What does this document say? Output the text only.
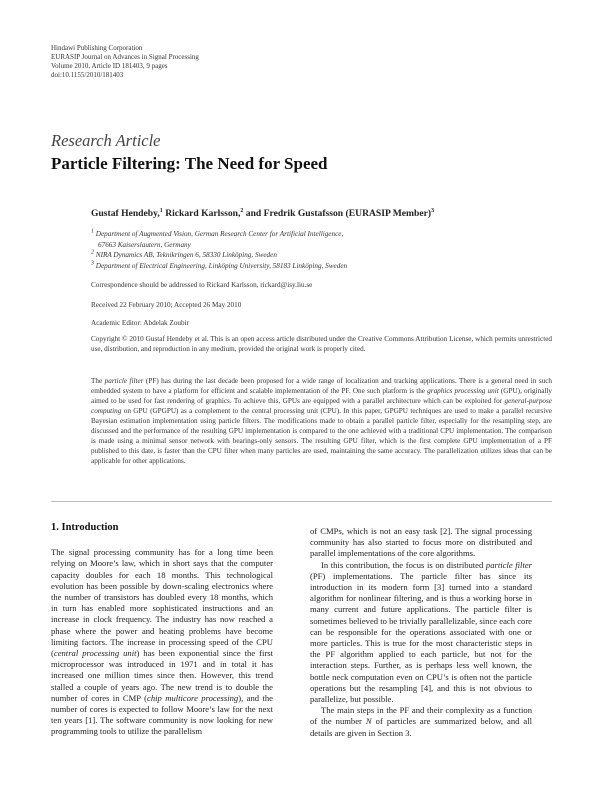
Hindawi Publishing Corporation
EURASIP Journal on Advances in Signal Processing
Volume 2010, Article ID 181403, 9 pages
doi:10.1155/2010/181403
Research Article
Particle Filtering: The Need for Speed
Gustaf Hendeby,$^1$ Rickard Karlsson,$^2$ and Fredrik Gustafsson (EURASIP Member)$^3$
$^1$ Department of Augmented Vision, German Research Center for Artificial Intelligence,
67663 Kaiserslautern, Germany
$^2$ NIRA Dynamics AB, Teknikringen 6, 58330 Linköping, Sweden
$^3$ Department of Electrical Engineering, Linköping University, 58183 Linköping, Sweden
Correspondence should be addressed to Rickard Karlsson, rickard@isy.liu.se
Received 22 February 2010; Accepted 26 May 2010
Academic Editor: Abdelak Zoubir
Copyright © 2010 Gustaf Hendeby et al. This is an open access article distributed under the Creative Commons Attribution License, which permits unrestricted use, distribution, and reproduction in any medium, provided the original work is properly cited.
The particle filter (PF) has during the last decade been proposed for a wide range of localization and tracking applications. There is a general need in such embedded system to have a platform for efficient and scalable implementation of the PF. One such platform is the graphics processing unit (GPU), originally aimed to be used for fast rendering of graphics. To achieve this, GPUs are equipped with a parallel architecture which can be exploited for general-purpose computing on GPU (GPGPU) as a complement to the central processing unit (CPU). In this paper, GPGPU techniques are used to make a parallel recursive Bayesian estimation implementation using particle filters. The modifications made to obtain a parallel particle filter, especially for the resampling step, are discussed and the performance of the resulting GPU implementation is compared to the one achieved with a traditional CPU implementation. The comparison is made using a minimal sensor network with bearings-only sensors. The resulting GPU filter, which is the first complete GPU implementation of a PF published to this date, is faster than the CPU filter when many particles are used, maintaining the same accuracy. The parallelization utilizes ideas that can be applicable for other applications.

1. Introduction

The signal processing community has for a long time been relying on Moore’s law, which in short says that the computer capacity doubles for each 18 months. This technological evolution has been possible by down-scaling electronics where the number of transistors has doubled every 18 months, which in turn has enabled more sophisticated instructions and an increase in clock frequency. The industry has now reached a phase where the power and heating problems have become limiting factors. The increase in processing speed of the CPU (central processing unit) has been exponential since the first microprocessor was introduced in 1971 and in total it has increased one million times since then. However, this trend stalled a couple of years ago. The new trend is to double the number of cores in CMP (chip multicore processing), and the number of cores is expected to follow Moore’s law for the next ten years [1]. The software community is now looking for new programming tools to utilize the parallelism

of CMPs, which is not an easy task [2]. The signal processing community has also started to focus more on distributed and parallel implementations of the core algorithms.

In this contribution, the focus is on distributed particle filter (PF) implementations. The particle filter has since its introduction in its modern form [3] turned into a standard algorithm for nonlinear filtering, and is thus a working horse in many current and future applications. The particle filter is sometimes believed to be trivially parallelizable, since each core can be responsible for the operations associated with one or more particles. This is true for the most characteristic steps in the PF algorithm applied to each particle, but not for the interaction steps. Further, as is perhaps less well known, the bottle neck computation even on CPU’s is often not the particle operations but the resampling [4], and this is not obvious to parallelize, but possible.

The main steps in the PF and their complexity as a function of the number N of particles are summarized below, and all details are given in Section 3.
